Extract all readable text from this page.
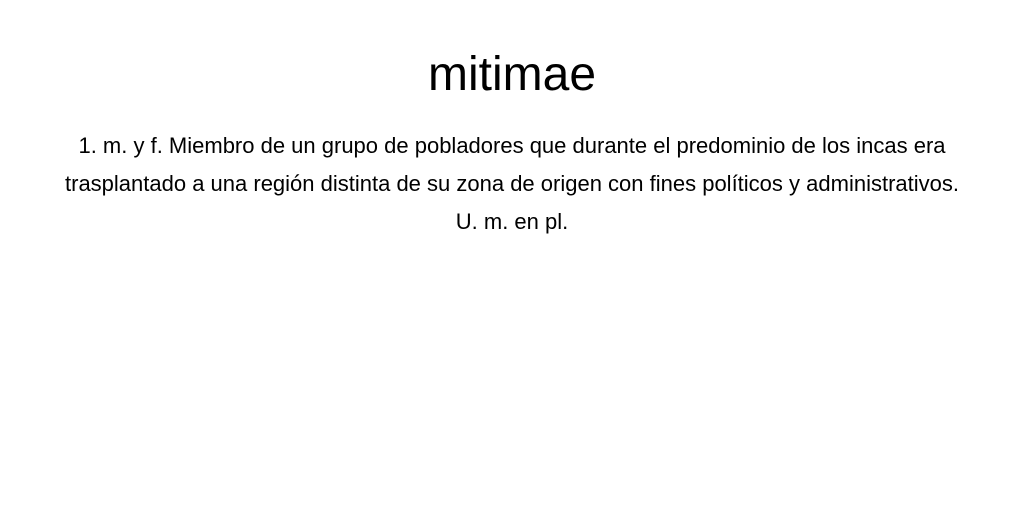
mitimae

1. m. y f. Miembro de un grupo de pobladores que durante el predominio de los incas era trasplantado a una región distinta de su zona de origen con fines políticos y administrativos. U. m. en pl.
